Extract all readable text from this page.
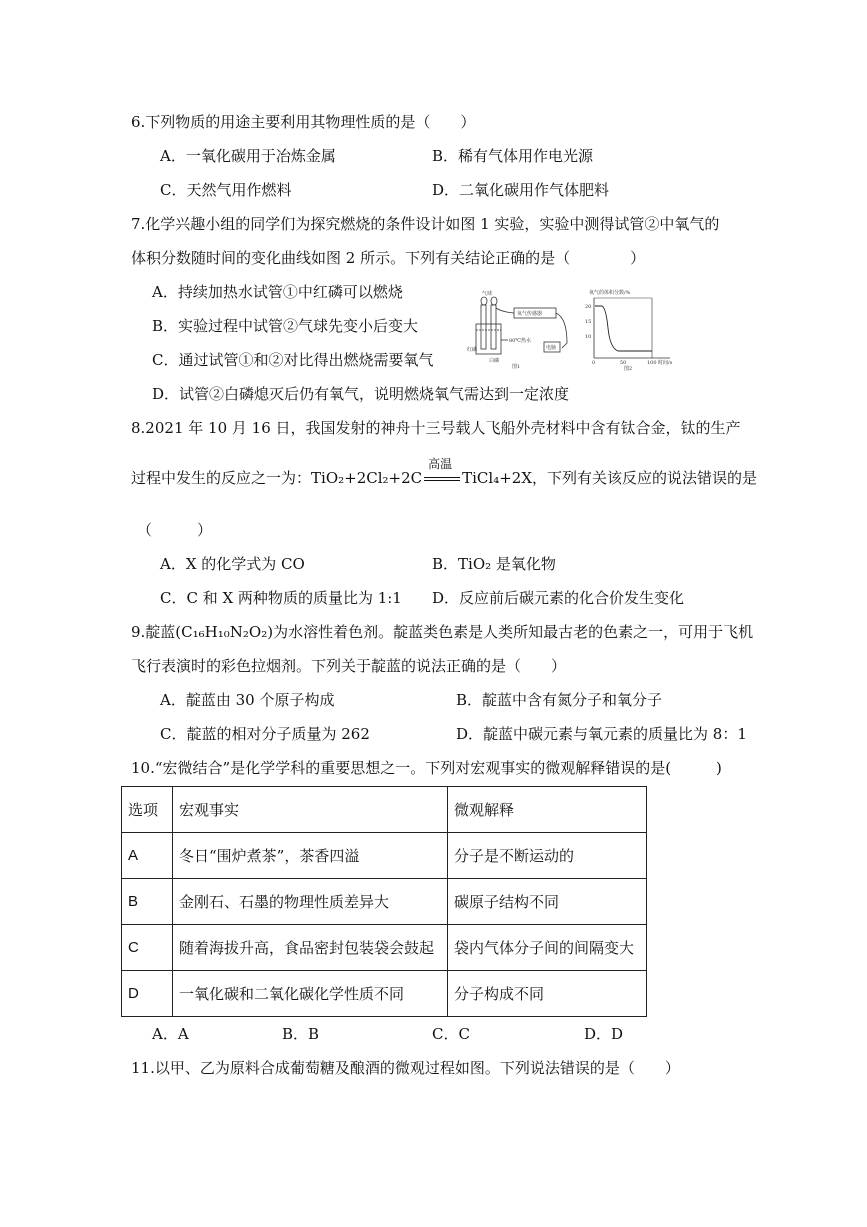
6.下列物质的用途主要利用其物理性质的是（　　）
A．一氧化碳用于冶炼金属	B．稀有气体用作电光源
C．天然气用作燃料	D．二氧化碳用作气体肥料
7.化学兴趣小组的同学们为探究燃烧的条件设计如图 1 实验，实验中测得试管②中氧气的
体积分数随时间的变化曲线如图 2 所示。下列有关结论正确的是（　　　　）
A．持续加热水试管①中红磷可以燃烧
B．实验过程中试管②气球先变小后变大
C．通过试管①和②对比得出燃烧需要氧气
D．试管②白磷熄灭后仍有氧气，说明燃烧氧气需达到一定浓度
气球
氧气传感器
电脑
80℃热水
红磷
白磷
图1
氧气的体积分数/%
20
15
10
0	50	100 时间/s
图2
8.2021 年 10 月 16 日，我国发射的神舟十三号载人飞船外壳材料中含有钛合金，钛的生产
过程中发生的反应之一为：TiO₂+2Cl₂+2C
高温
TiCl₄+2X，下列有关该反应的说法错误的是
（　　　）
A．X 的化学式为 CO	B．TiO₂ 是氧化物
C．C 和 X 两种物质的质量比为 1:1 D．反应前后碳元素的化合价发生变化
9.靛蓝(C₁₆H₁₀N₂O₂)为水溶性着色剂。靛蓝类色素是人类所知最古老的色素之一，可用于飞机
飞行表演时的彩色拉烟剂。下列关于靛蓝的说法正确的是（　　）
A．靛蓝由 30 个原子构成	B．靛蓝中含有氮分子和氧分子
C．靛蓝的相对分子质量为 262	D．靛蓝中碳元素与氧元素的质量比为 8：1
10.“宏微结合”是化学学科的重要思想之一。下列对宏观事实的微观解释错误的是(　　　)
选项	宏观事实	微观解释
A	冬日“围炉煮茶”，茶香四溢	分子是不断运动的
B	金刚石、石墨的物理性质差异大	碳原子结构不同
C	随着海拔升高，食品密封包装袋会鼓起	袋内气体分子间的间隔变大
D	一氧化碳和二氧化碳化学性质不同	分子构成不同
A．A	B．B	C．C	D．D
11.以甲、乙为原料合成葡萄糖及酿酒的微观过程如图。下列说法错误的是（　　）
